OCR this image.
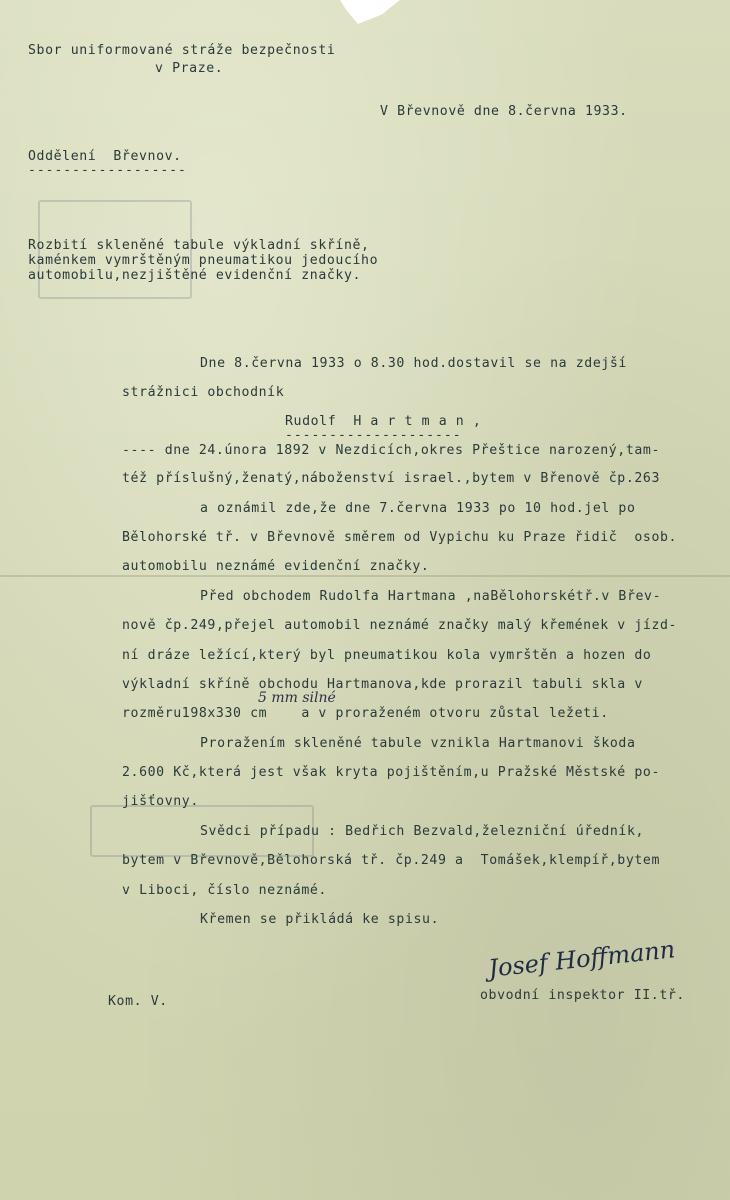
Sbor uniformované stráže bezpečnosti
v Praze.
V Břevnově dne 8.června 1933.
Oddělení  Břevnov.
------------------
Rozbití skleněné tabule výkladní skříně,
kaménkem vymrštěným pneumatikou jedoucího
automobilu,nezjištěné evidenční značky.
Dne 8.června 1933 o 8.30 hod.dostavil se na zdejší
strážnici obchodník
Rudolf  H a r t m a n ,
--------------------
---- dne 24.února 1892 v Nezdicích,okres Přeštice narozený,tam-
též příslušný,ženatý,náboženství israel.,bytem v Břenově čp.263
a oznámil zde,že dne 7.června 1933 po 10 hod.jel po
Bělohorské tř. v Břevnově směrem od Vypichu ku Praze řidič  osob.
automobilu neznámé evidenční značky.
Před obchodem Rudolfa Hartmana ,naBělohorskétř.v Břev-
nově čp.249,přejel automobil neznámé značky malý křemének v jízd-
ní dráze ležící,který byl pneumatikou kola vymrštěn a hozen do
výkladní skříně obchodu Hartmanova,kde prorazil tabuli skla v
5 mm silné
rozměru198x330 cm    a v proraženém otvoru zůstal ležeti.
Proražením skleněné tabule vznikla Hartmanovi škoda
2.600 Kč,která jest však kryta pojištěním,u Pražské Městské po-
jišťovny.
Svědci případu : Bedřich Bezvald,železniční úředník,
bytem v Břevnově,Bělohorská tř. čp.249 a  Tomášek,klempíř,bytem
v Liboci, číslo neznámé.
Křemen se přikládá ke spisu.
Josef Hoffmann
obvodní inspektor II.tř.
Kom. V.
